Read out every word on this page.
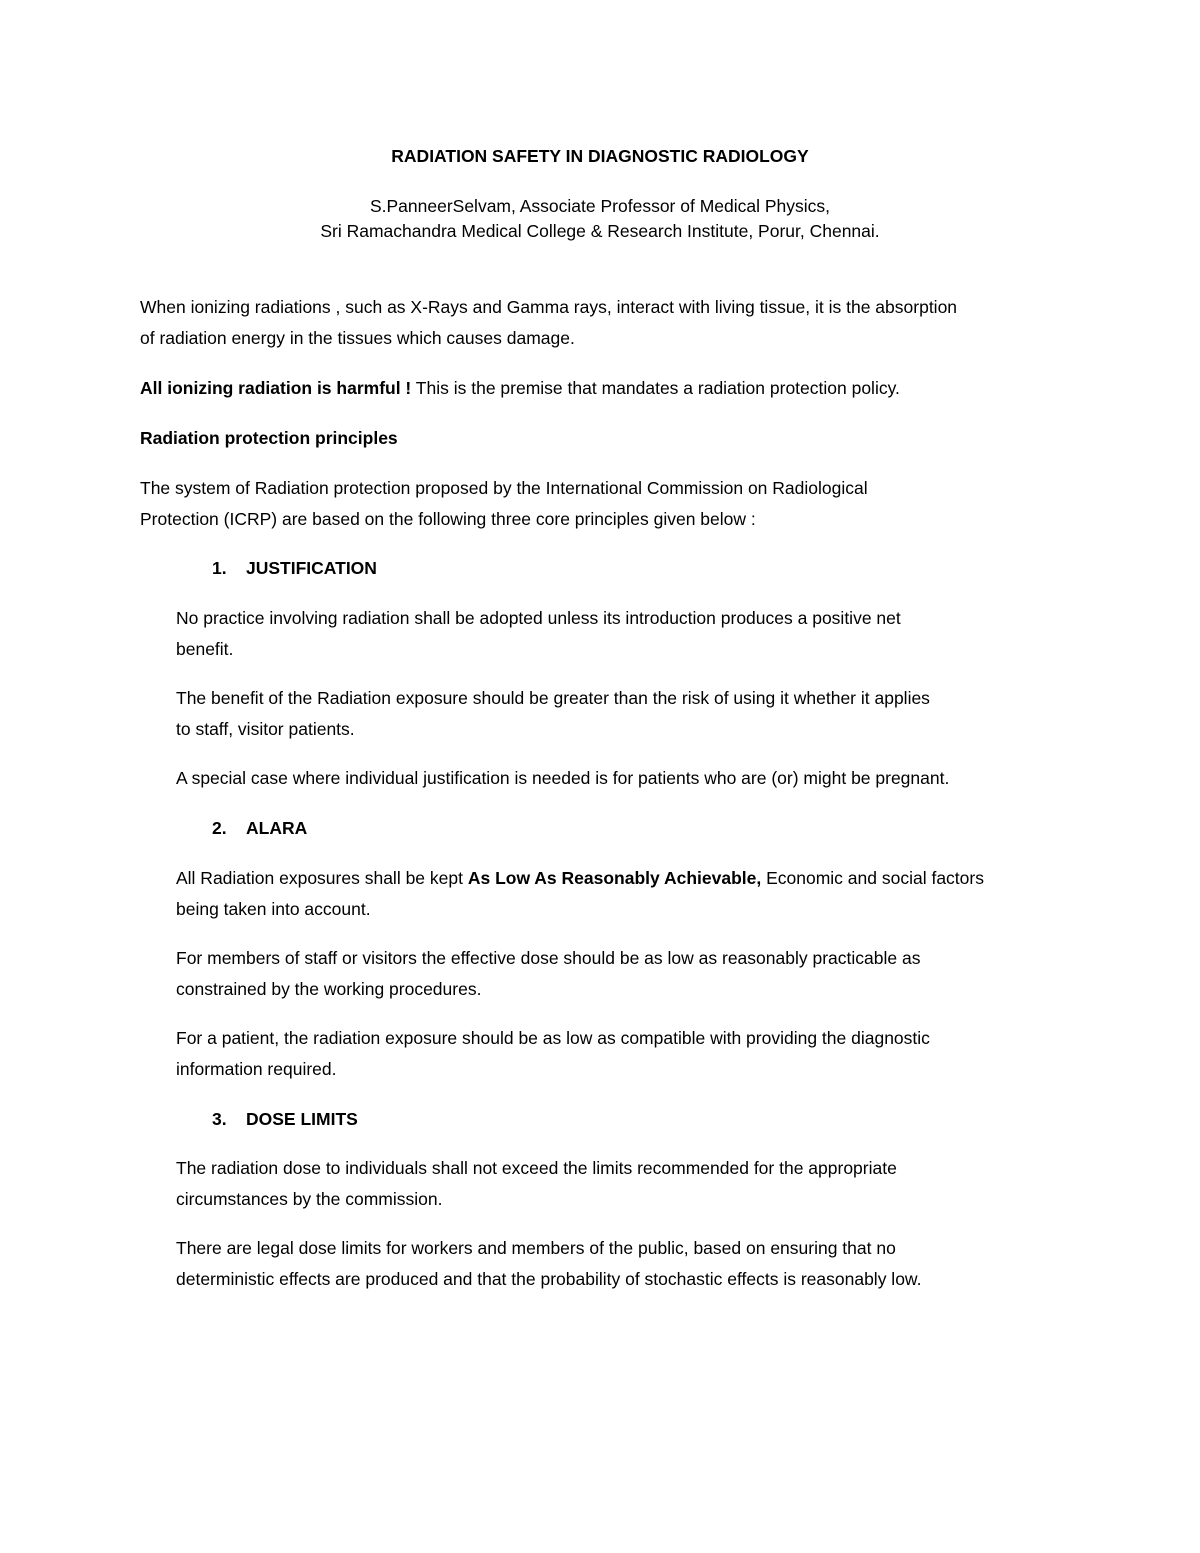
RADIATION SAFETY IN DIAGNOSTIC RADIOLOGY
S.PanneerSelvam, Associate Professor of Medical Physics,
Sri Ramachandra Medical College & Research Institute, Porur, Chennai.
When ionizing radiations , such as X-Rays and Gamma rays, interact with living tissue, it is the absorption
of radiation energy in the tissues which causes damage.
All ionizing radiation is harmful ! This is the premise that mandates a radiation protection policy.
Radiation protection principles
The system of Radiation protection proposed by the International Commission on Radiological
Protection (ICRP) are based on the following three core principles given below :
1. JUSTIFICATION
No practice involving radiation shall be adopted unless its introduction produces a positive net
benefit.
The benefit of the Radiation exposure should be greater than the risk of using it whether it applies
to staff, visitor patients.
A special case where individual justification is needed is for patients who are (or) might be pregnant.
2. ALARA
All Radiation exposures shall be kept As Low As Reasonably Achievable, Economic and social factors
being taken into account.
For members of staff or visitors the effective dose should be as low as reasonably practicable as
constrained by the working procedures.
For a patient, the radiation exposure should be as low as compatible with providing the diagnostic
information required.
3. DOSE LIMITS
The radiation dose to individuals shall not exceed the limits recommended for the appropriate
circumstances by the commission.
There are legal dose limits for workers and members of the public, based on ensuring that no
deterministic effects are produced and that the probability of stochastic effects is reasonably low.
